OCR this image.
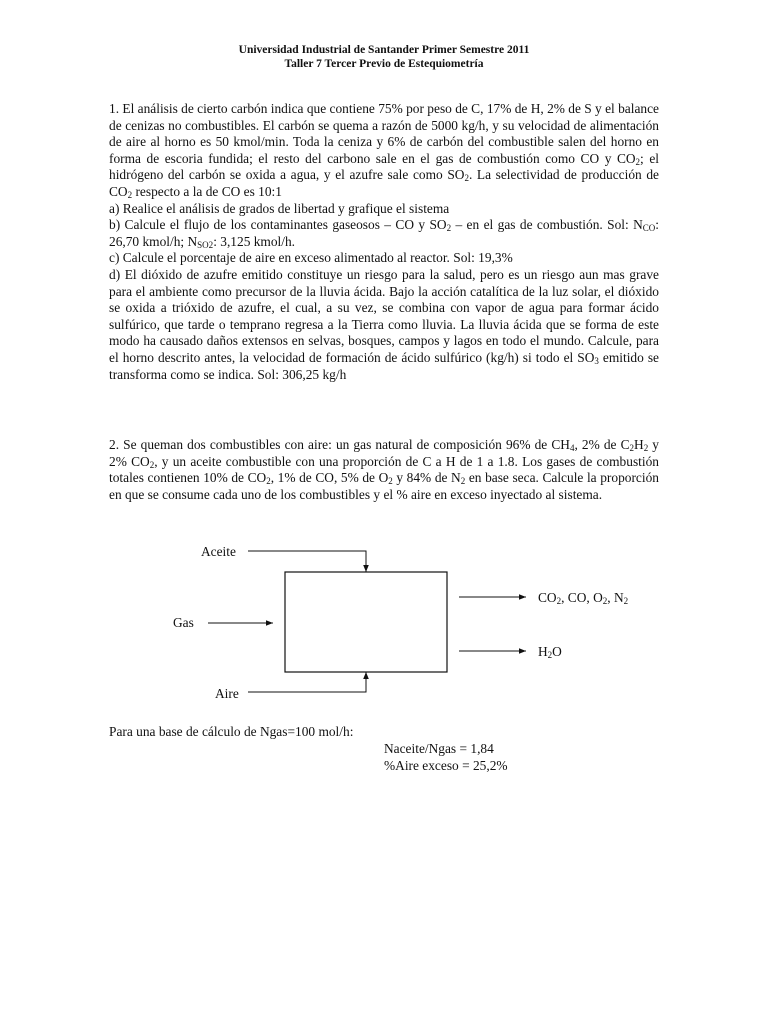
Universidad Industrial de Santander Primer Semestre 2011
Taller 7 Tercer Previo de Estequiometría

1. El análisis de cierto carbón indica que contiene 75% por peso de C, 17% de H, 2% de S y el balance de cenizas no combustibles. El carbón se quema a razón de 5000 kg/h, y su velocidad de alimentación de aire al horno es 50 kmol/min. Toda la ceniza y 6% de carbón del combustible salen del horno en forma de escoria fundida; el resto del carbono sale en el gas de combustión como CO y $CO_2$; el hidrógeno del carbón se oxida a agua, y el azufre sale como $SO_2$. La selectividad de producción de $CO_2$ respecto a la de CO es 10:1

a) Realice el análisis de grados de libertad y grafique el sistema

b) Calcule el flujo de los contaminantes gaseosos – CO y $SO_2$ – en el gas de combustión. Sol: $N_{CO}$: 26,70 kmol/h; $N_{SO2}$: 3,125 kmol/h.

c) Calcule el porcentaje de aire en exceso alimentado al reactor. Sol: 19,3%

d) El dióxido de azufre emitido constituye un riesgo para la salud, pero es un riesgo aun mas grave para el ambiente como precursor de la lluvia ácida. Bajo la acción catalítica de la luz solar, el dióxido se oxida a trióxido de azufre, el cual, a su vez, se combina con vapor de agua para formar ácido sulfúrico, que tarde o temprano regresa a la Tierra como lluvia. La lluvia ácida que se forma de este modo ha causado daños extensos en selvas, bosques, campos y lagos en todo el mundo. Calcule, para el horno descrito antes, la velocidad de formación de ácido sulfúrico (kg/h) si todo el $SO_3$ emitido se transforma como se indica. Sol: 306,25 kg/h

2. Se queman dos combustibles con aire: un gas natural de composición 96% de $CH_4$, 2% de $C_2H_2$ y 2% $CO_2$, y un aceite combustible con una proporción de C a H de 1 a 1.8. Los gases de combustión totales contienen 10% de $CO_2$, 1% de CO, 5% de $O_2$ y 84% de $N_2$ en base seca. Calcule la proporción en que se consume cada uno de los combustibles y el % aire en exceso inyectado al sistema.

Aceite
Gas
Aire
$CO_2$, CO, $O_2$, $N_2$
$H_2O$
Para una base de cálculo de Ngas=100 mol/h:
Naceite/Ngas = 1,84
%Aire exceso = 25,2%
